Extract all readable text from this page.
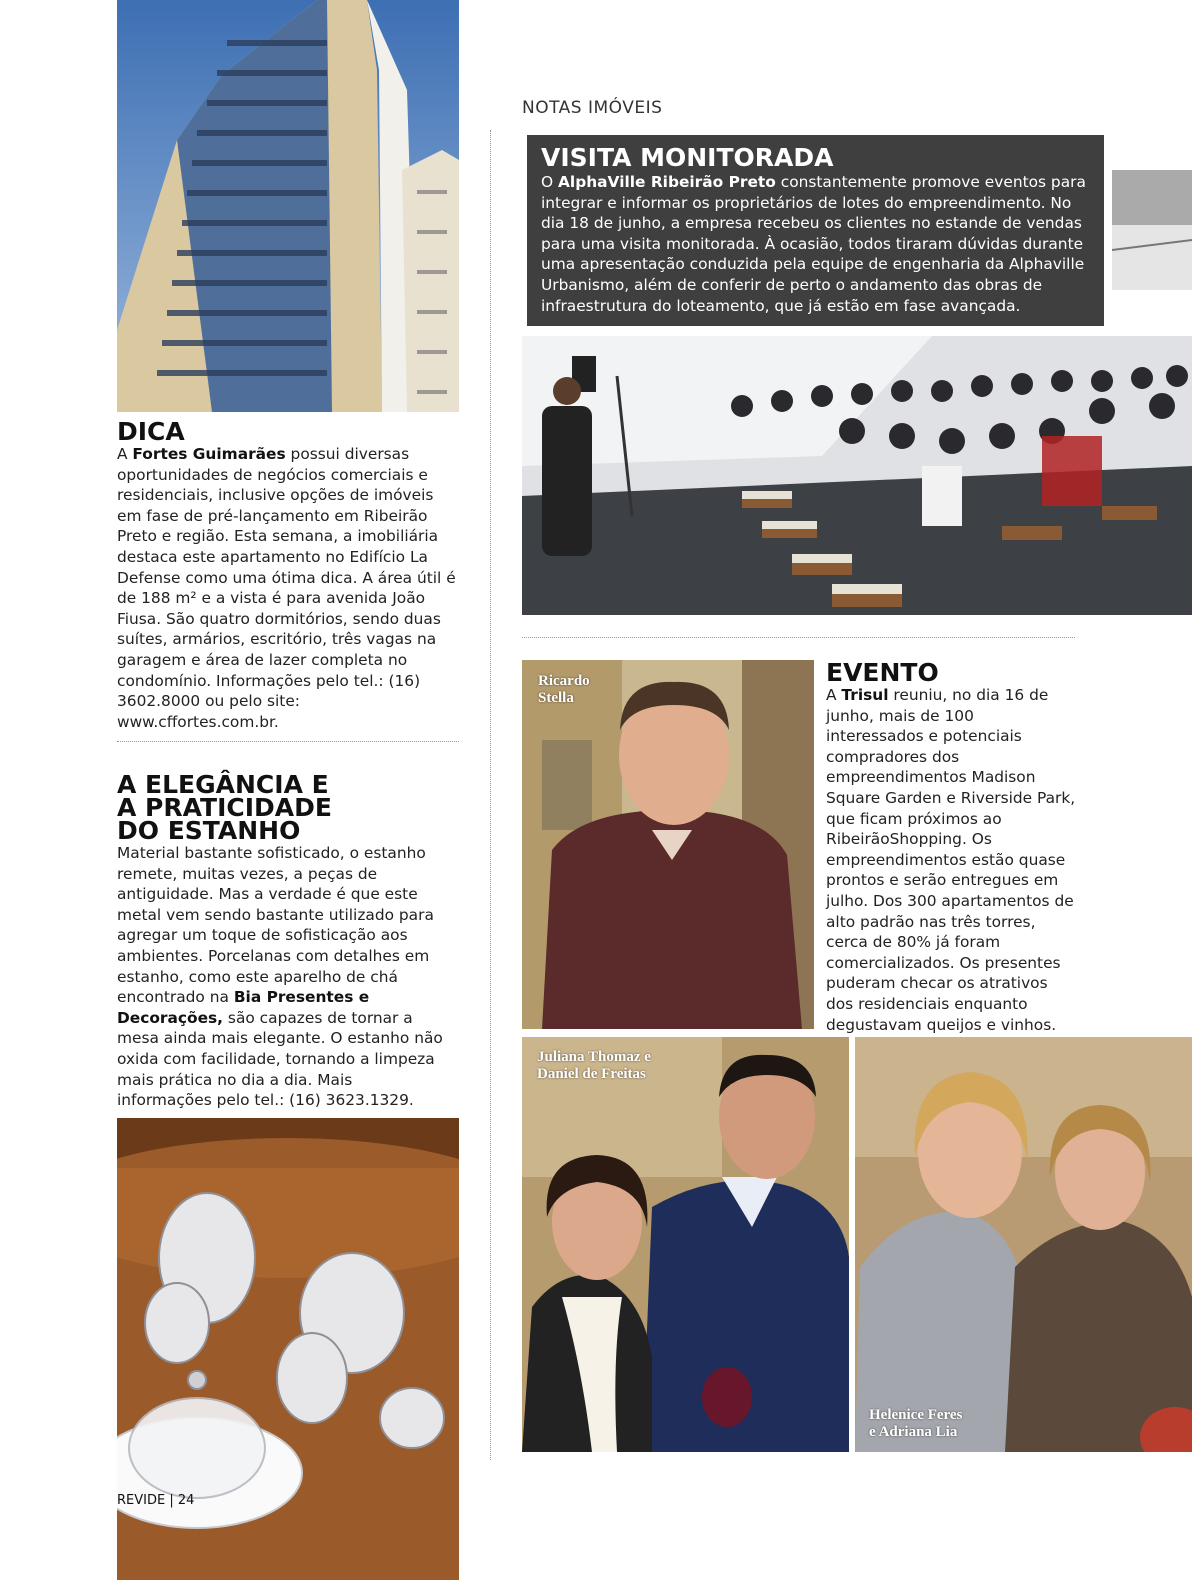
DICA
A Fortes Guimarães possui diversas oportunidades de negócios comerciais e residenciais, inclusive opções de imóveis em fase de pré-lançamento em Ribeirão Preto e região. Esta semana, a imobiliária destaca este apartamento no Edifício La Defense como uma ótima dica. A área útil é de 188 m² e a vista é para avenida João Fiusa. São quatro dormitórios, sendo duas suítes, armários, escritório, três vagas na garagem e área de lazer completa no condomínio. Informações pelo tel.: (16) 3602.8000 ou pelo site: www.cffortes.com.br.
A ELEGÂNCIA E
A PRATICIDADE
DO ESTANHO
Material bastante sofisticado, o estanho remete, muitas vezes, a peças de antiguidade. Mas a verdade é que este metal vem sendo bastante utilizado para agregar um toque de sofisticação aos ambientes. Porcelanas com detalhes em estanho, como este aparelho de chá encontrado na Bia Presentes e Decorações, são capazes de tornar a mesa ainda mais elegante. O estanho não oxida com facilidade, tornando a limpeza mais prática no dia a dia. Mais informações pelo tel.: (16) 3623.1329.
REVIDE | 24
NOTAS IMÓVEIS
VISITA MONITORADA
O AlphaVille Ribeirão Preto constantemente promove eventos para integrar e informar os proprietários de lotes do empreendimento. No dia 18 de junho, a empresa recebeu os clientes no estande de vendas para uma visita monitorada. À ocasião, todos tiraram dúvidas durante uma apresentação conduzida pela equipe de engenharia da Alphaville Urbanismo, além de conferir de perto o andamento das obras de infraestrutura do loteamento, que já estão em fase avançada.
Ricardo
Stella
EVENTO
A Trisul reuniu, no dia 16 de junho, mais de 100 interessados e potenciais compradores dos empreendimentos Madison Square Garden e Riverside Park, que ficam próximos ao RibeirãoShopping. Os empreendimentos estão quase prontos e serão entregues em julho. Dos 300 apartamentos de alto padrão nas três torres, cerca de 80% já foram comercializados. Os presentes puderam checar os atrativos dos residenciais enquanto degustavam queijos e vinhos.
Juliana Thomaz e
Daniel de Freitas
Helenice Feres
e Adriana Lia
